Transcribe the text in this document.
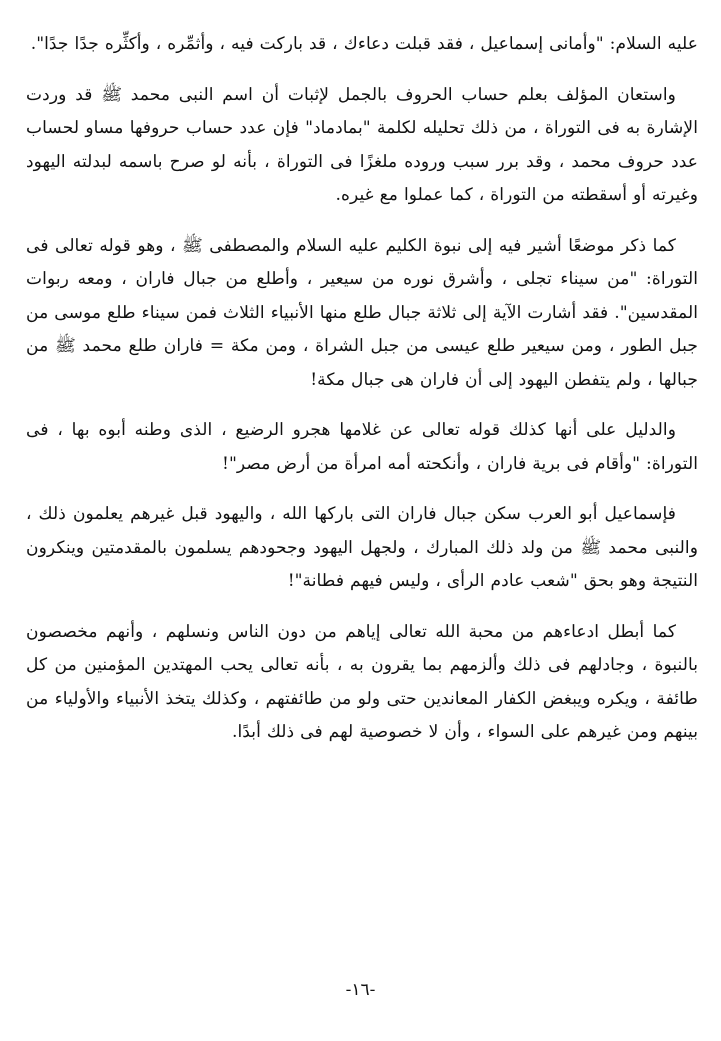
عليه السلام: "وأمانى إسماعيل ، فقد قبلت دعاءك ، قد باركت فيه ، وأثمِّره ، وأكثِّره جدًا جدًا".

واستعان المؤلف بعلم حساب الحروف بالجمل لإثبات أن اسم النبى محمد ﷺ قد وردت الإشارة به فى التوراة ، من ذلك تحليله لكلمة "بمادماد" فإن عدد حساب حروفها مساو لحساب عدد حروف محمد ، وقد برر سبب وروده ملغزًا فى التوراة ، بأنه لو صرح باسمه لبدلته اليهود وغيرته أو أسقطته من التوراة ، كما عملوا مع غيره.

كما ذكر موضعًا أشير فيه إلى نبوة الكليم عليه السلام والمصطفى ﷺ ، وهو قوله تعالى فى التوراة: "من سيناء تجلى ، وأشرق نوره من سيعير ، وأطلع من جبال فاران ، ومعه ربوات المقدسين". فقد أشارت الآية إلى ثلاثة جبال طلع منها الأنبياء الثلاث فمن سيناء طلع موسى من جبل الطور ، ومن سيعير طلع عيسى من جبل الشراة ، ومن مكة = فاران طلع محمد ﷺ من جبالها ، ولم يتفطن اليهود إلى أن فاران هى جبال مكة!

والدليل على أنها كذلك قوله تعالى عن غلامها هجرو الرضيع ، الذى وطنه أبوه بها ، فى التوراة: "وأقام فى برية فاران ، وأنكحته أمه امرأة من أرض مصر"!

فإسماعيل أبو العرب سكن جبال فاران التى باركها الله ، واليهود قبل غيرهم يعلمون ذلك ، والنبى محمد ﷺ من ولد ذلك المبارك ، ولجهل اليهود وجحودهم يسلمون بالمقدمتين وينكرون النتيجة وهو بحق "شعب عادم الرأى ، وليس فيهم فطانة"!

كما أبطل ادعاءهم من محبة الله تعالى إياهم من دون الناس ونسلهم ، وأنهم مخصصون بالنبوة ، وجادلهم فى ذلك وألزمهم بما يقرون به ، بأنه تعالى يحب المهتدين المؤمنين من كل طائفة ، ويكره ويبغض الكفار المعاندين حتى ولو من طائفتهم ، وكذلك يتخذ الأنبياء والأولياء من بينهم ومن غيرهم على السواء ، وأن لا خصوصية لهم فى ذلك أبدًا.

-١٦-
